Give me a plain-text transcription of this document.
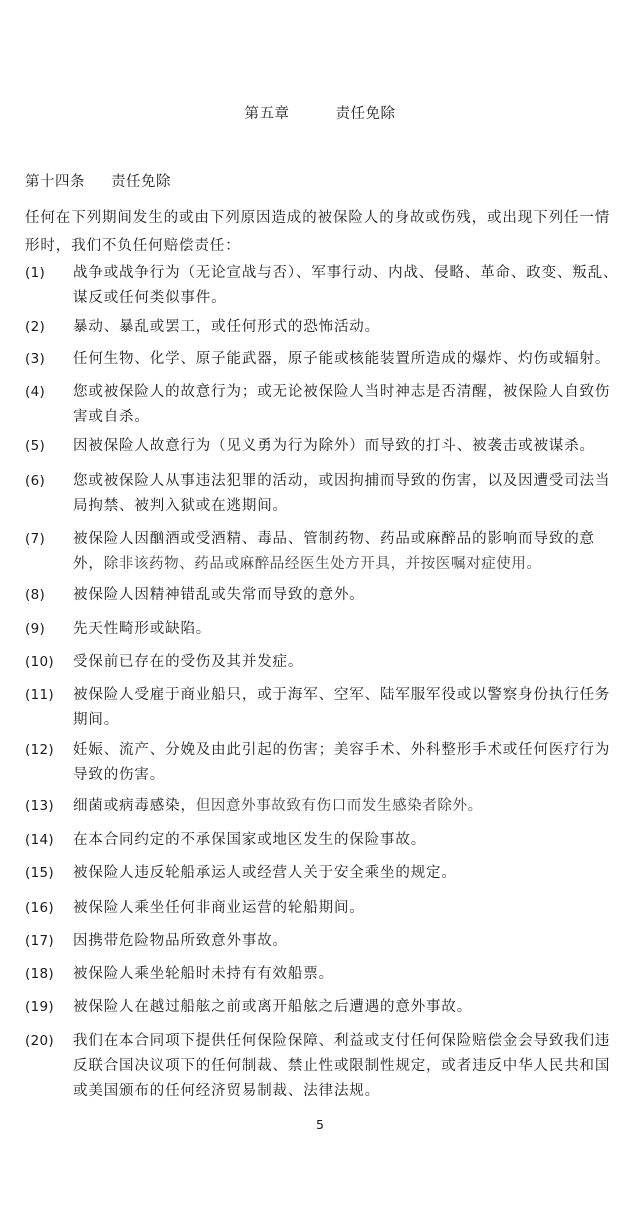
第五章	责任免除
第十四条 责任免除
任何在下列期间发生的或由下列原因造成的被保险人的身故或伤残，或出现下列任一情形时，我们不负任何赔偿责任：
(1)	战争或战争行为（无论宣战与否）、军事行动、内战、侵略、革命、政变、叛乱、谋反或任何类似事件。
(2)	暴动、暴乱或罢工，或任何形式的恐怖活动。
(3)	任何生物、化学、原子能武器，原子能或核能装置所造成的爆炸、灼伤或辐射。
(4)	您或被保险人的故意行为；或无论被保险人当时神志是否清醒，被保险人自致伤害或自杀。
(5)	因被保险人故意行为（见义勇为行为除外）而导致的打斗、被袭击或被谋杀。
(6)	您或被保险人从事违法犯罪的活动，或因拘捕而导致的伤害，以及因遭受司法当局拘禁、被判入狱或在逃期间。
(7)	被保险人因酗酒或受酒精、毒品、管制药物、药品或麻醉品的影响而导致的意外，除非该药物、药品或麻醉品经医生处方开具，并按医嘱对症使用。
(8)	被保险人因精神错乱或失常而导致的意外。
(9)	先天性畸形或缺陷。
(10)	受保前已存在的受伤及其并发症。
(11)	被保险人受雇于商业船只，或于海军、空军、陆军服军役或以警察身份执行任务期间。
(12)	妊娠、流产、分娩及由此引起的伤害；美容手术、外科整形手术或任何医疗行为导致的伤害。
(13)	细菌或病毒感染，但因意外事故致有伤口而发生感染者除外。
(14)	在本合同约定的不承保国家或地区发生的保险事故。
(15)	被保险人违反轮船承运人或经营人关于安全乘坐的规定。
(16)	被保险人乘坐任何非商业运营的轮船期间。
(17)	因携带危险物品所致意外事故。
(18)	被保险人乘坐轮船时未持有有效船票。
(19)	被保险人在越过船舷之前或离开船舷之后遭遇的意外事故。
(20)	我们在本合同项下提供任何保险保障、利益或支付任何保险赔偿金会导致我们违反联合国决议项下的任何制裁、禁止性或限制性规定，或者违反中华人民共和国或美国颁布的任何经济贸易制裁、法律法规。
5
